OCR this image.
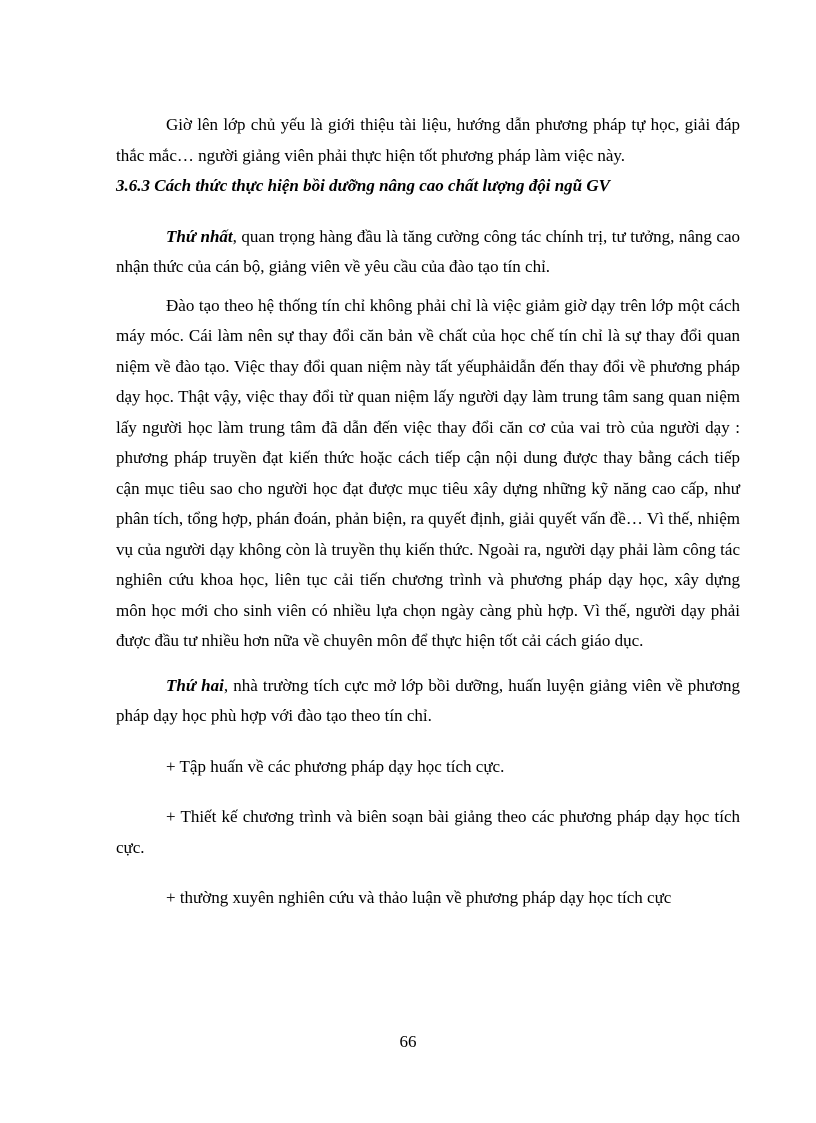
Giờ lên lớp chủ yếu là giới thiệu tài liệu, hướng dẫn phương pháp tự học, giải đáp thắc mắc… người giảng viên phải thực hiện tốt phương pháp làm việc này.

3.6.3 Cách thức thực hiện bồi dưỡng nâng cao chất lượng đội ngũ GV

Thứ nhất, quan trọng hàng đầu là tăng cường công tác chính trị, tư tưởng, nâng cao nhận thức của cán bộ, giảng viên về yêu cầu của đào tạo tín chỉ.

Đào tạo theo hệ thống tín chỉ không phải chỉ là việc giảm giờ dạy trên lớp một cách máy móc. Cái làm nên sự thay đổi căn bản về chất của học chế tín chỉ là sự thay đổi quan niệm về đào tạo. Việc thay đổi quan niệm này tất yếuphảidẫn đến thay đổi về phương pháp dạy học. Thật vậy, việc thay đổi từ quan niệm lấy người dạy làm trung tâm sang quan niệm lấy người học làm trung tâm đã dẫn đến việc thay đổi căn cơ của vai trò của người dạy : phương pháp truyền đạt kiến thức hoặc cách tiếp cận nội dung được thay bằng cách tiếp cận mục tiêu sao cho người học đạt được mục tiêu xây dựng những kỹ năng cao cấp, như phân tích, tổng hợp, phán đoán, phản biện, ra quyết định, giải quyết vấn đề… Vì thế, nhiệm vụ của người dạy không còn là truyền thụ kiến thức. Ngoài ra, người dạy phải làm công tác nghiên cứu khoa học, liên tục cải tiến chương trình và phương pháp dạy học, xây dựng môn học mới cho sinh viên có nhiều lựa chọn ngày càng phù hợp. Vì thế, người dạy phải được đầu tư nhiều hơn nữa về chuyên môn để thực hiện tốt cải cách giáo dục.

Thứ hai, nhà trường tích cực mở lớp bồi dưỡng, huấn luyện giảng viên về phương pháp dạy học phù hợp với đào tạo theo tín chỉ.

+ Tập huấn về các phương pháp dạy học tích cực.

+ Thiết kế chương trình và biên soạn bài giảng theo các phương pháp dạy học tích cực.

+ thường xuyên nghiên cứu và thảo luận về phương pháp dạy học tích cực

66
